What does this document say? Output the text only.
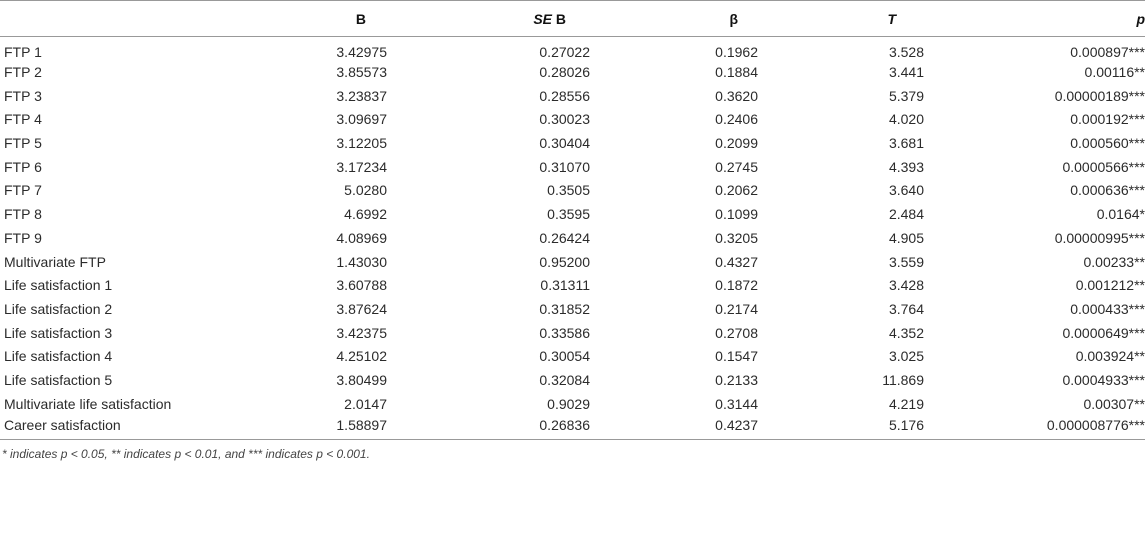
	B	SE B	β	T	p
FTP 1	3.42975	0.27022	0.1962	3.528	0.000897***
FTP 2	3.85573	0.28026	0.1884	3.441	0.00116**
FTP 3	3.23837	0.28556	0.3620	5.379	0.00000189***
FTP 4	3.09697	0.30023	0.2406	4.020	0.000192***
FTP 5	3.12205	0.30404	0.2099	3.681	0.000560***
FTP 6	3.17234	0.31070	0.2745	4.393	0.0000566***
FTP 7	5.0280	0.3505	0.2062	3.640	0.000636***
FTP 8	4.6992	0.3595	0.1099	2.484	0.0164*
FTP 9	4.08969	0.26424	0.3205	4.905	0.00000995***
Multivariate FTP	1.43030	0.95200	0.4327	3.559	0.00233**
Life satisfaction 1	3.60788	0.31311	0.1872	3.428	0.001212**
Life satisfaction 2	3.87624	0.31852	0.2174	3.764	0.000433***
Life satisfaction 3	3.42375	0.33586	0.2708	4.352	0.0000649***
Life satisfaction 4	4.25102	0.30054	0.1547	3.025	0.003924**
Life satisfaction 5	3.80499	0.32084	0.2133	11.869	0.0004933***
Multivariate life satisfaction	2.0147	0.9029	0.3144	4.219	0.00307**
Career satisfaction	1.58897	0.26836	0.4237	5.176	0.000008776***
* indicates p < 0.05, ** indicates p < 0.01, and *** indicates p < 0.001.
